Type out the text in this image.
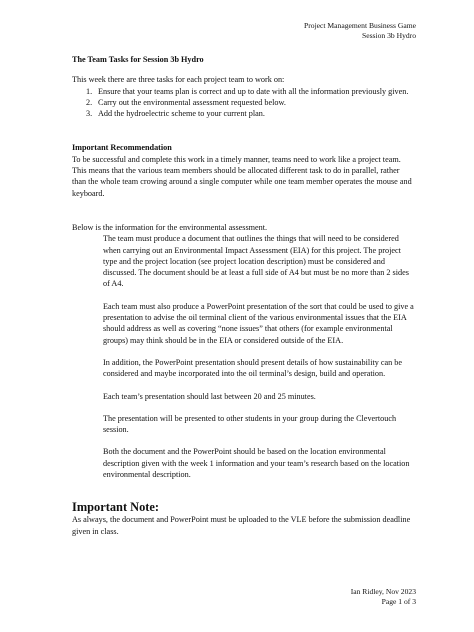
Project Management Business Game
Session 3b Hydro
The Team Tasks for Session 3b Hydro

This week there are three tasks for each project team to work on:

1. Ensure that your teams plan is correct and up to date with all the information previously given.
2. Carry out the environmental assessment requested below.
3. Add the hydroelectric scheme to your current plan.
Important Recommendation

To be successful and complete this work in a timely manner, teams need to work like a project team. This means that the various team members should be allocated different task to do in parallel, rather than the whole team crowing around a single computer while one team member operates the mouse and keyboard.

Below is the information for the environmental assessment.

The team must produce a document that outlines the things that will need to be considered when carrying out an Environmental Impact Assessment (EIA) for this project. The project type and the project location (see project location description) must be considered and discussed. The document should be at least a full side of A4 but must be no more than 2 sides of A4.

Each team must also produce a PowerPoint presentation of the sort that could be used to give a presentation to advise the oil terminal client of the various environmental issues that the EIA should address as well as covering “none issues” that others (for example environmental groups) may think should be in the EIA or considered outside of the EIA.

In addition, the PowerPoint presentation should present details of how sustainability can be considered and maybe incorporated into the oil terminal’s design, build and operation.

Each team’s presentation should last between 20 and 25 minutes.

The presentation will be presented to other students in your group during the Clevertouch session.

Both the document and the PowerPoint should be based on the location environmental description given with the week 1 information and your team’s research based on the location environmental description.

Important Note:

As always, the document and PowerPoint must be uploaded to the VLE before the submission deadline given in class.

Ian Ridley, Nov 2023
Page 1 of 3
